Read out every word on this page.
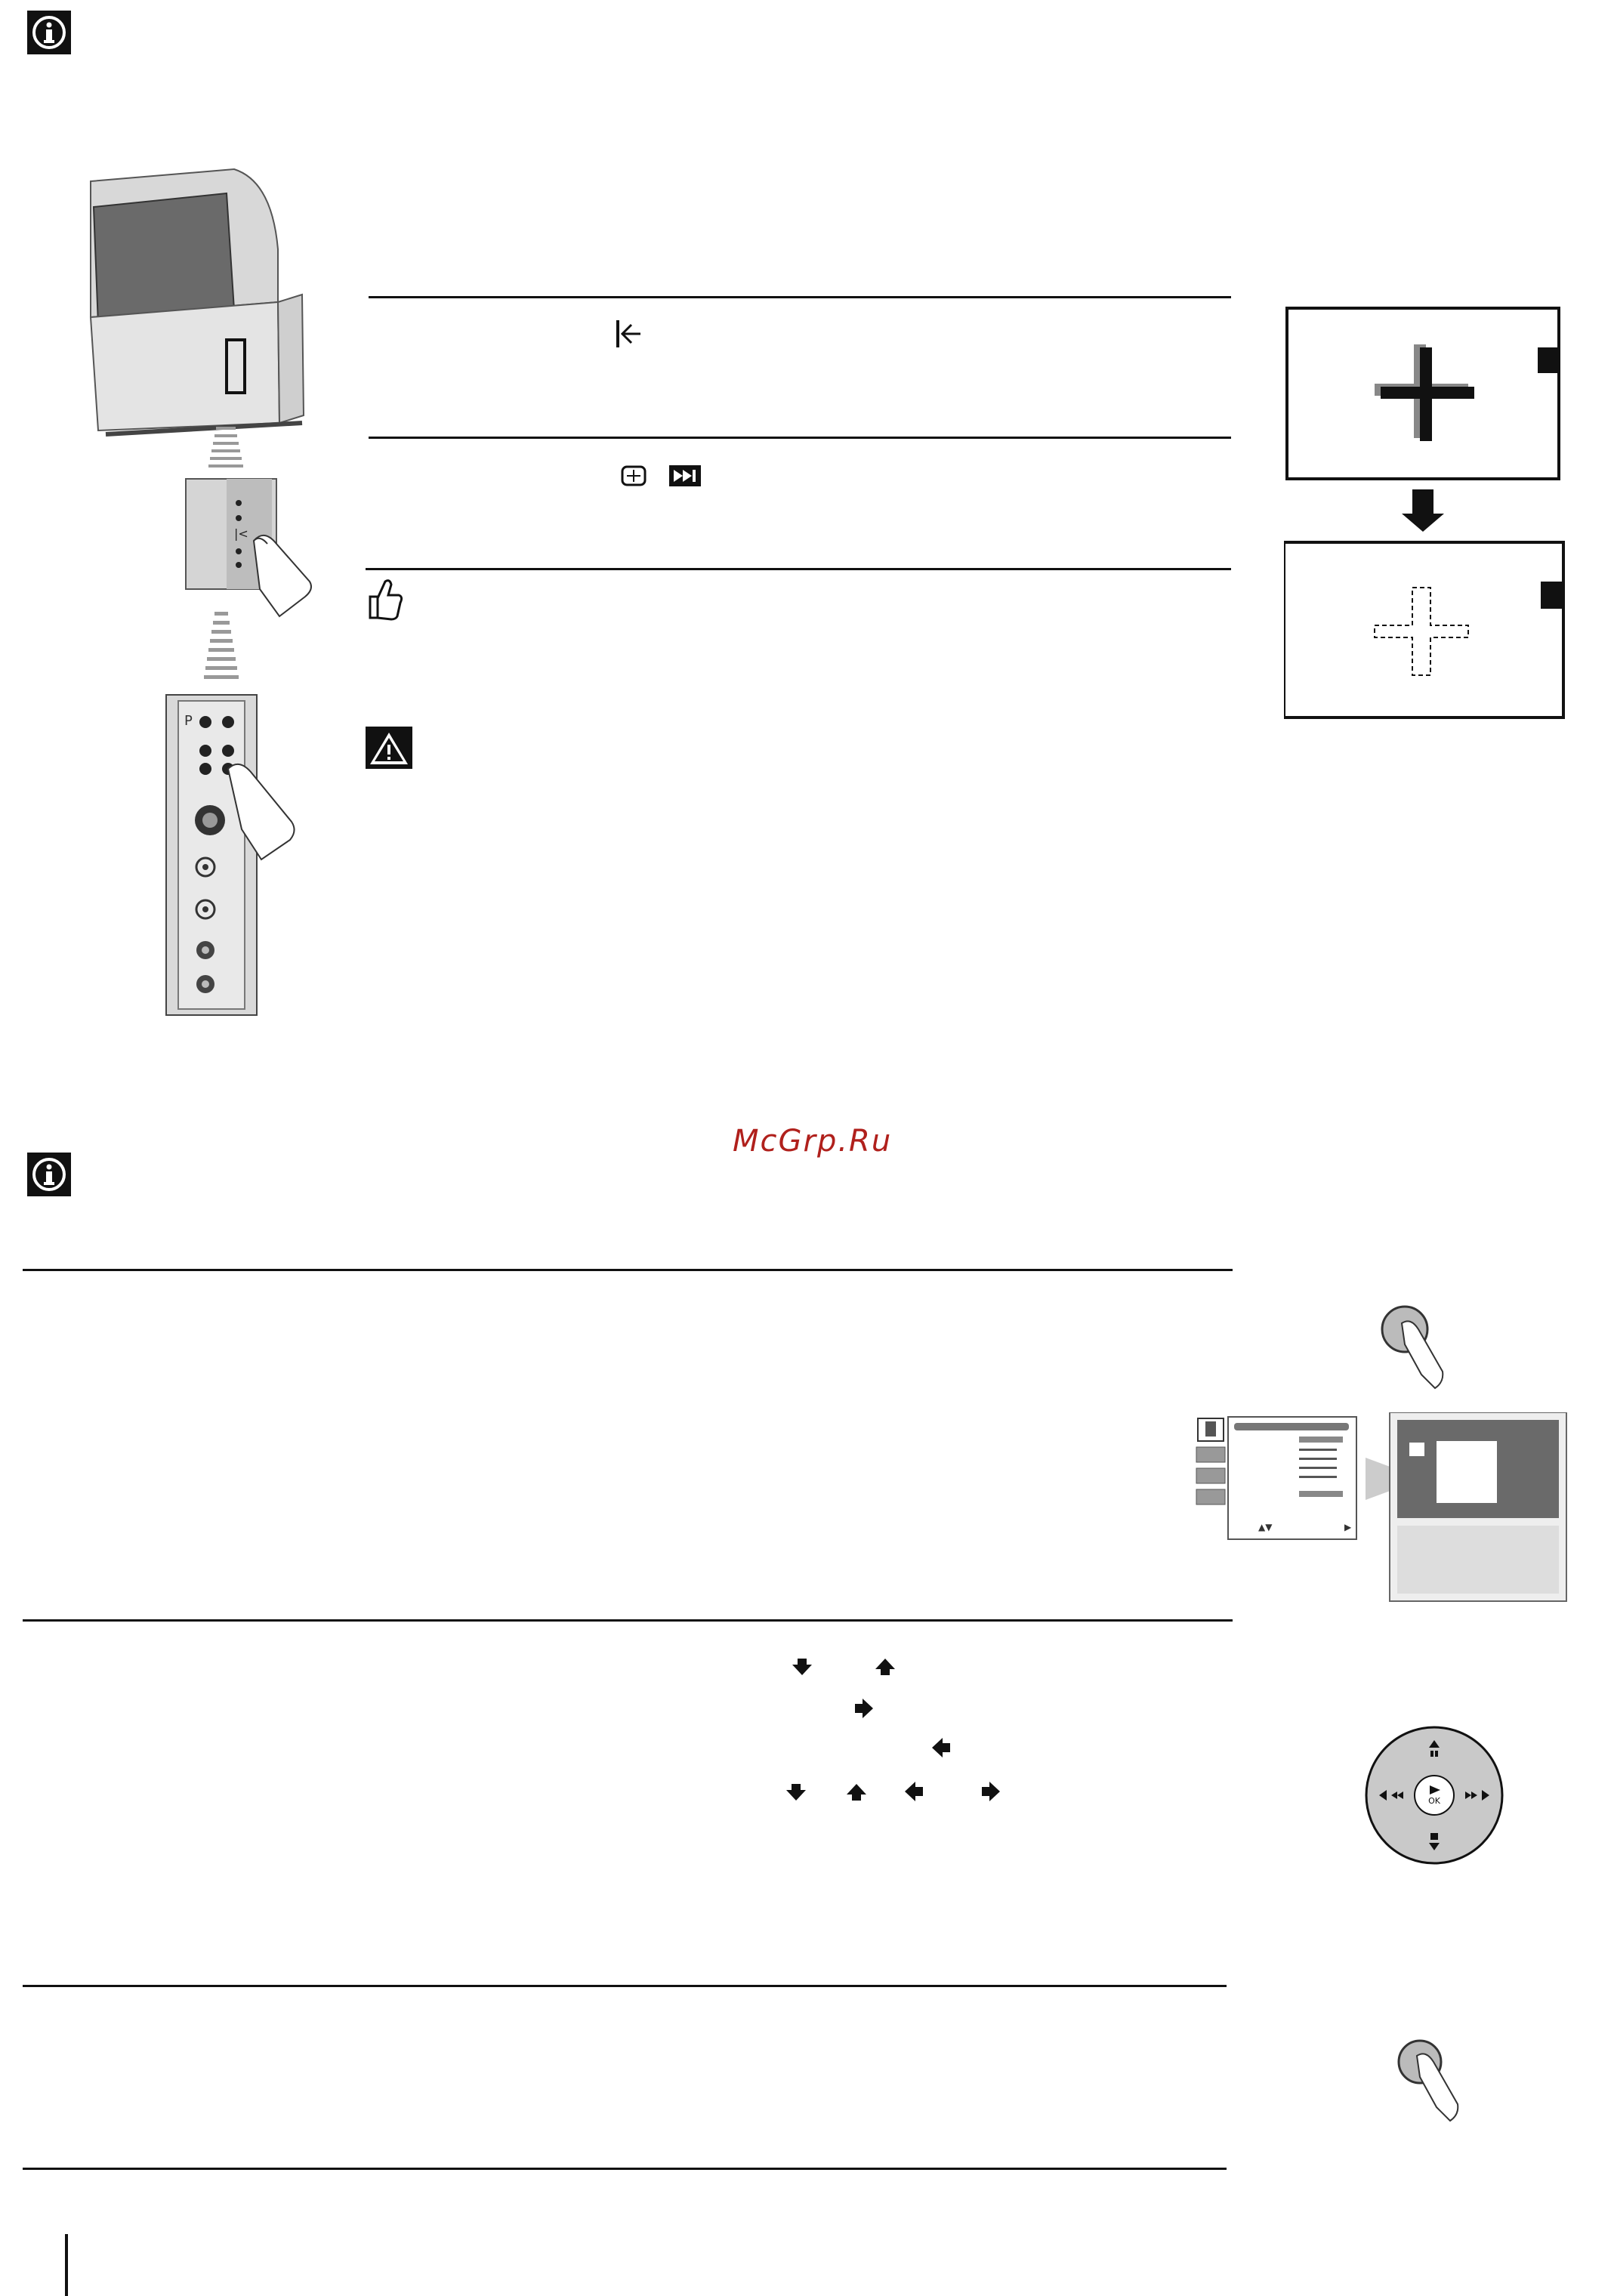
|<
P
McGrp.Ru
▲▼	▶
OK
